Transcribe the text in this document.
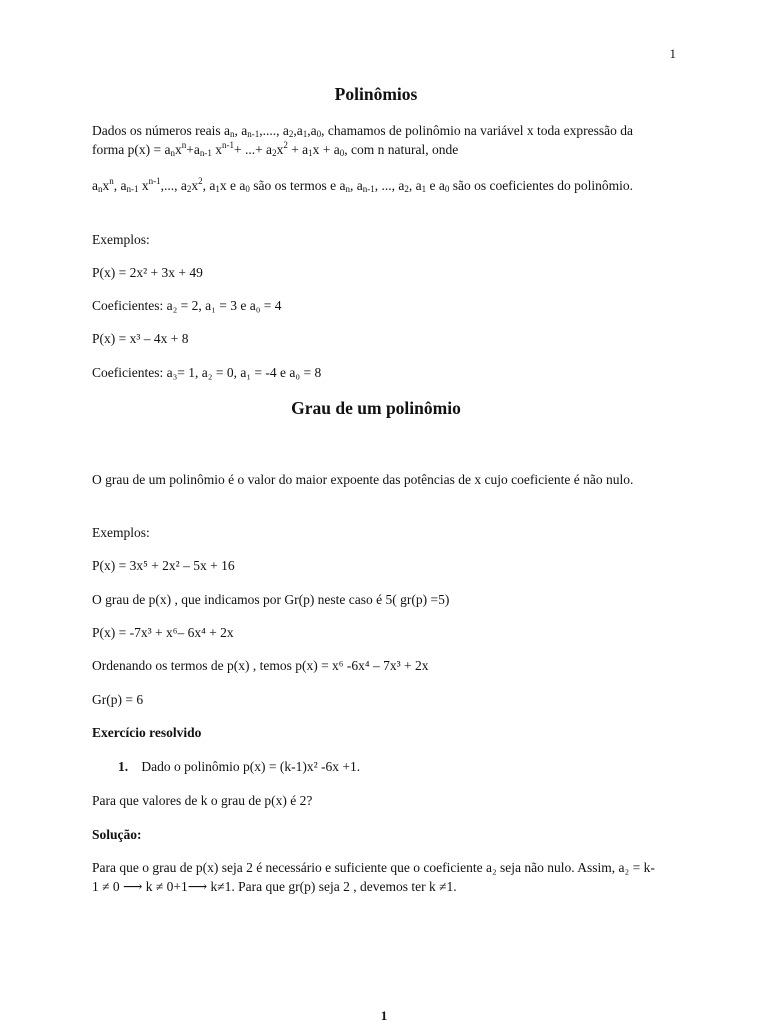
1
Polinômios

Dados os números reais $a_n$, $a_{n-1}$,...., $a_2,a_1,a_0$, chamamos de polinômio na variável x toda expressão da forma $p(x) = a_nx^n+a_{n-1}$ $x^{n-1}+$ ...+ $a_2x^2 + a_1x + a_0$, com n natural, onde

$a_nx^n$, $a_{n-1}$ $x^{n-1}$,..., $a_2x^2$, $a_1x$ e $a_0$ são os termos e $a_n$, $a_{n-1}$, ..., $a_2$, $a_1$ e $a_0$ são os coeficientes do polinômio.

Exemplos:

P(x) = 2x² + 3x + 49

Coeficientes: a₂ = 2, a₁ = 3 e a₀ = 4

P(x) = x³ – 4x + 8

Coeficientes: a₃= 1, a₂ = 0, a₁ = -4 e a₀ = 8

Grau de um polinômio

O grau de um polinômio é o valor do maior expoente das potências de x cujo coeficiente é não nulo.

Exemplos:

P(x) = 3x⁵ + 2x² – 5x + 16

O grau de p(x) , que indicamos por Gr(p) neste caso é 5( gr(p) =5)

P(x) = -7x³ + x⁶– 6x⁴ + 2x

Ordenando os termos de p(x) , temos p(x) = x⁶ -6x⁴ – 7x³ + 2x

Gr(p) = 6

Exercício resolvido

1. Dado o polinômio p(x) = (k-1)x² -6x +1.

Para que valores de k o grau de p(x) é 2?

Solução:

Para que o grau de p(x) seja 2 é necessário e suficiente que o coeficiente a₂ seja não nulo. Assim, a₂ = k-1 ≠ 0 ⟶ k ≠ 0+1⟶ k≠1. Para que gr(p) seja 2 , devemos ter k ≠1.

1
